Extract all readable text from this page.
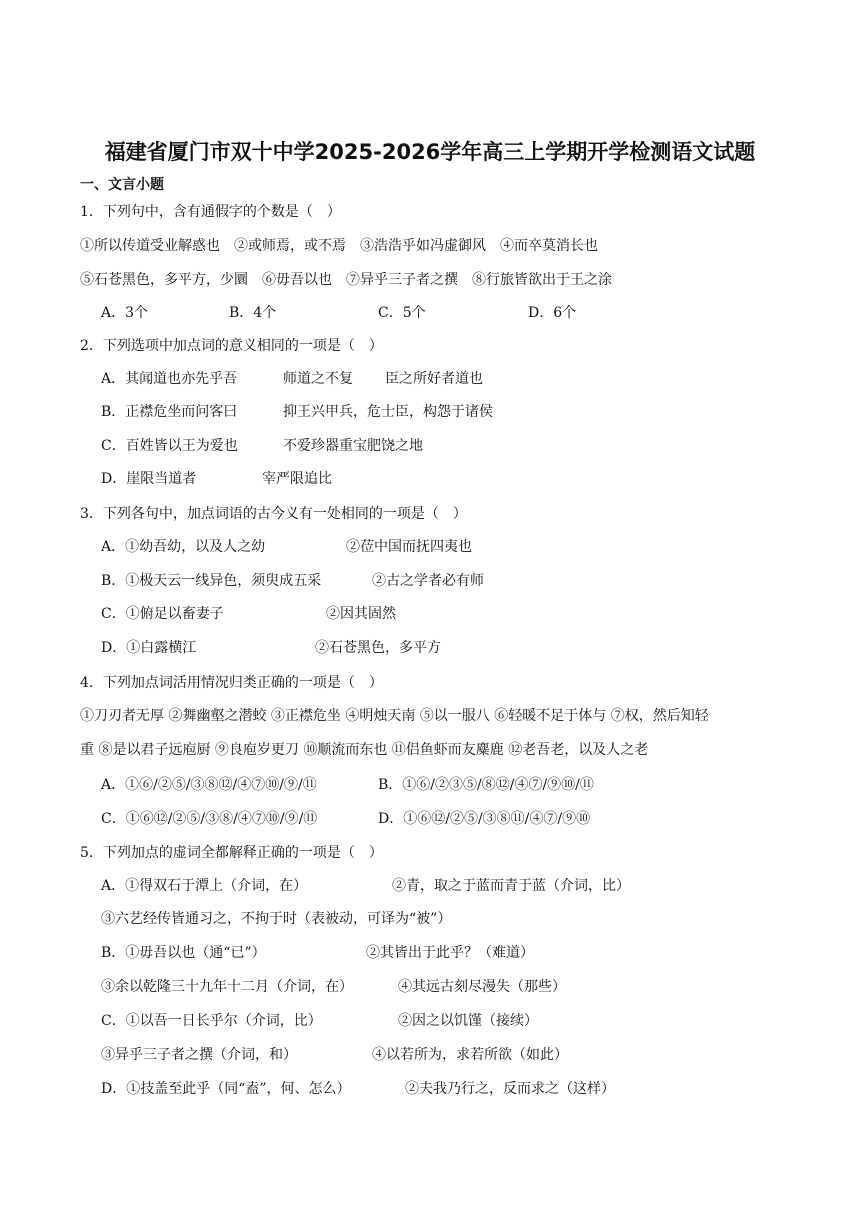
福建省厦门市双十中学2025-2026学年高三上学期开学检测语文试题
一、文言小题
1．下列句中，含有通假字的个数是（　）
①所以传道受业解惑也　②或师焉，或不焉　③浩浩乎如冯虚御风　④而卒莫消长也
⑤石苍黑色，多平方，少圜　⑥毋吾以也　⑦异乎三子者之撰　⑧行旅皆欲出于王之涂
A．3个	B．4个	C．5个	D．6个
2．下列选项中加点词的意义相同的一项是（　）
A．其闻道也亦先乎吾	师道之不复 臣之所好者道也
B．正襟危坐而问客曰	抑王兴甲兵，危士臣，构怨于诸侯
C．百姓皆以王为爱也	不爱珍器重宝肥饶之地
D．崖限当道者	宰严限追比
3．下列各句中，加点词语的古今义有一处相同的一项是（　）
A．①幼吾幼，以及人之幼	②莅中国而抚四夷也
B．①极天云一线异色，须臾成五采	②古之学者必有师
C．①俯足以畜妻子	②因其固然
D．①白露横江	②石苍黑色，多平方
4．下列加点词活用情况归类正确的一项是（　）
①刀刃者无厚 ②舞幽壑之潜蛟 ③正襟危坐 ④明烛天南 ⑤以一服八 ⑥轻暖不足于体与 ⑦权，然后知轻
重 ⑧是以君子远庖厨 ⑨良庖岁更刀 ⑩顺流而东也 ⑪侣鱼虾而友麋鹿 ⑫老吾老，以及人之老
A．①⑥/②⑤/③⑧⑫/④⑦⑩/⑨/⑪	B．①⑥/②③⑤/⑧⑫/④⑦/⑨⑩/⑪
C．①⑥⑫/②⑤/③⑧/④⑦⑩/⑨/⑪	D．①⑥⑫/②⑤/③⑧⑪/④⑦/⑨⑩
5．下列加点的虚词全都解释正确的一项是（　）
A．①得双石于潭上（介词，在）	②青，取之于蓝而青于蓝（介词，比）
③六艺经传皆通习之，不拘于时（表被动，可译为“被”）
B．①毋吾以也（通“已”）	②其皆出于此乎？（难道）
③余以乾隆三十九年十二月（介词，在）	④其远古刻尽漫失（那些）
C．①以吾一日长乎尔（介词，比）	②因之以饥馑（接续）
③异乎三子者之撰（介词，和）	④以若所为，求若所欲（如此）
D．①技盖至此乎（同“盍”，何、怎么）	②夫我乃行之，反而求之（这样）
